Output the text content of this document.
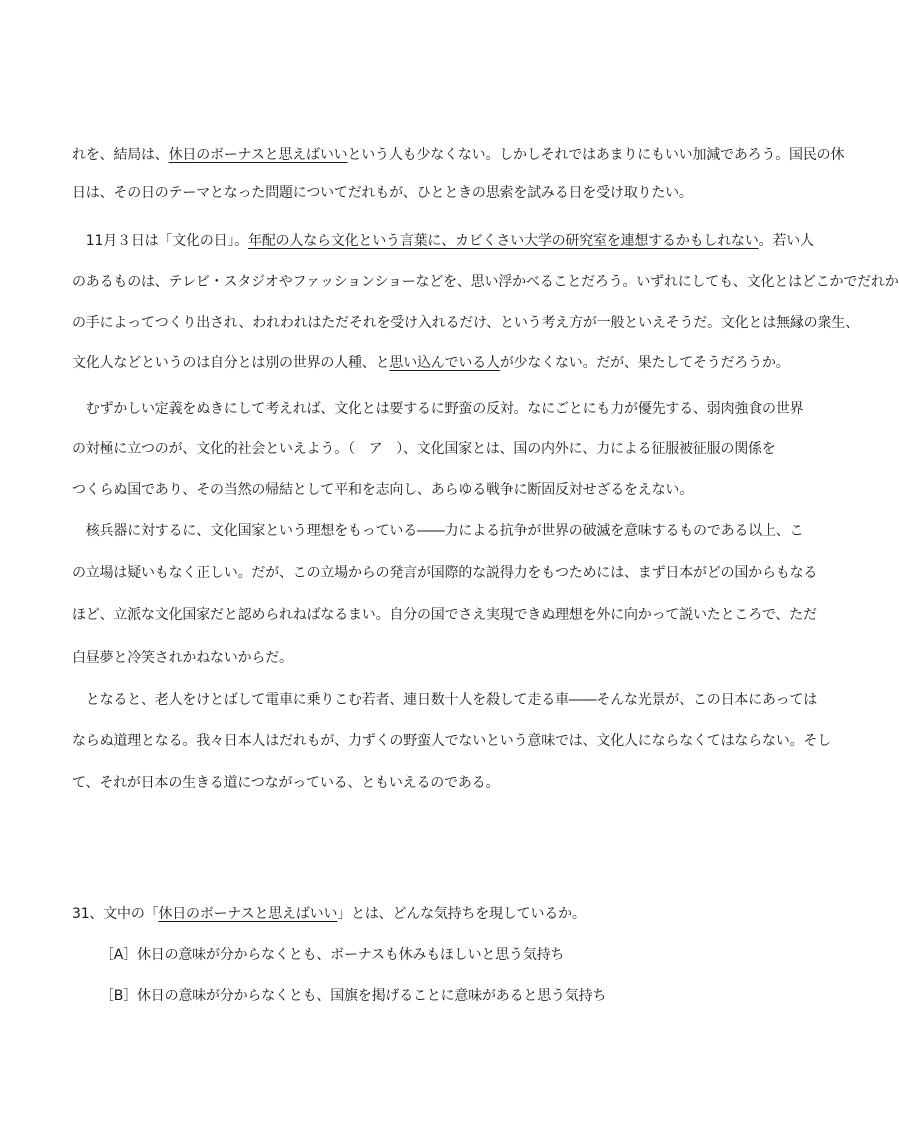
れを、結局は、休日のボーナスと思えばいいという人も少なくない。しかしそれではあまりにもいい加減であろう。国民の休

日は、その日のテーマとなった問題についてだれもが、ひとときの思索を試みる日を受け取りたい。

　11月３日は「文化の日」。年配の人なら文化という言葉に、カビくさい大学の研究室を連想するかもしれない。若い人

のあるものは、テレビ・スタジオやファッションショーなどを、思い浮かべることだろう。いずれにしても、文化とはどこかでだれか

の手によってつくり出され、われわれはただそれを受け入れるだけ、という考え方が一般といえそうだ。文化とは無縁の衆生、

文化人などというのは自分とは別の世界の人種、と思い込んでいる人が少なくない。だが、果たしてそうだろうか。

　むずかしい定義をぬきにして考えれば、文化とは要するに野蛮の反対。なにごとにも力が優先する、弱肉強食の世界

の対極に立つのが、文化的社会といえよう。（　ア　）、文化国家とは、国の内外に、力による征服被征服の関係を

つくらぬ国であり、その当然の帰結として平和を志向し、あらゆる戦争に断固反対せざるをえない。

　核兵器に対するに、文化国家という理想をもっている――力による抗争が世界の破滅を意味するものである以上、こ

の立場は疑いもなく正しい。だが、この立場からの発言が国際的な説得力をもつためには、まず日本がどの国からもなる

ほど、立派な文化国家だと認められねばなるまい。自分の国でさえ実現できぬ理想を外に向かって説いたところで、ただ

白昼夢と冷笑されかねないからだ。

　となると、老人をけとばして電車に乗りこむ若者、連日数十人を殺して走る車――そんな光景が、この日本にあっては

ならぬ道理となる。我々日本人はだれもが、力ずくの野蛮人でないという意味では、文化人にならなくてはならない。そし

て、それが日本の生きる道につながっている、ともいえるのである。

31、文中の「休日のボーナスと思えばいい」とは、どんな気持ちを現しているか。

［A］休日の意味が分からなくとも、ボーナスも休みもほしいと思う気持ち

［B］休日の意味が分からなくとも、国旗を掲げることに意味があると思う気持ち
